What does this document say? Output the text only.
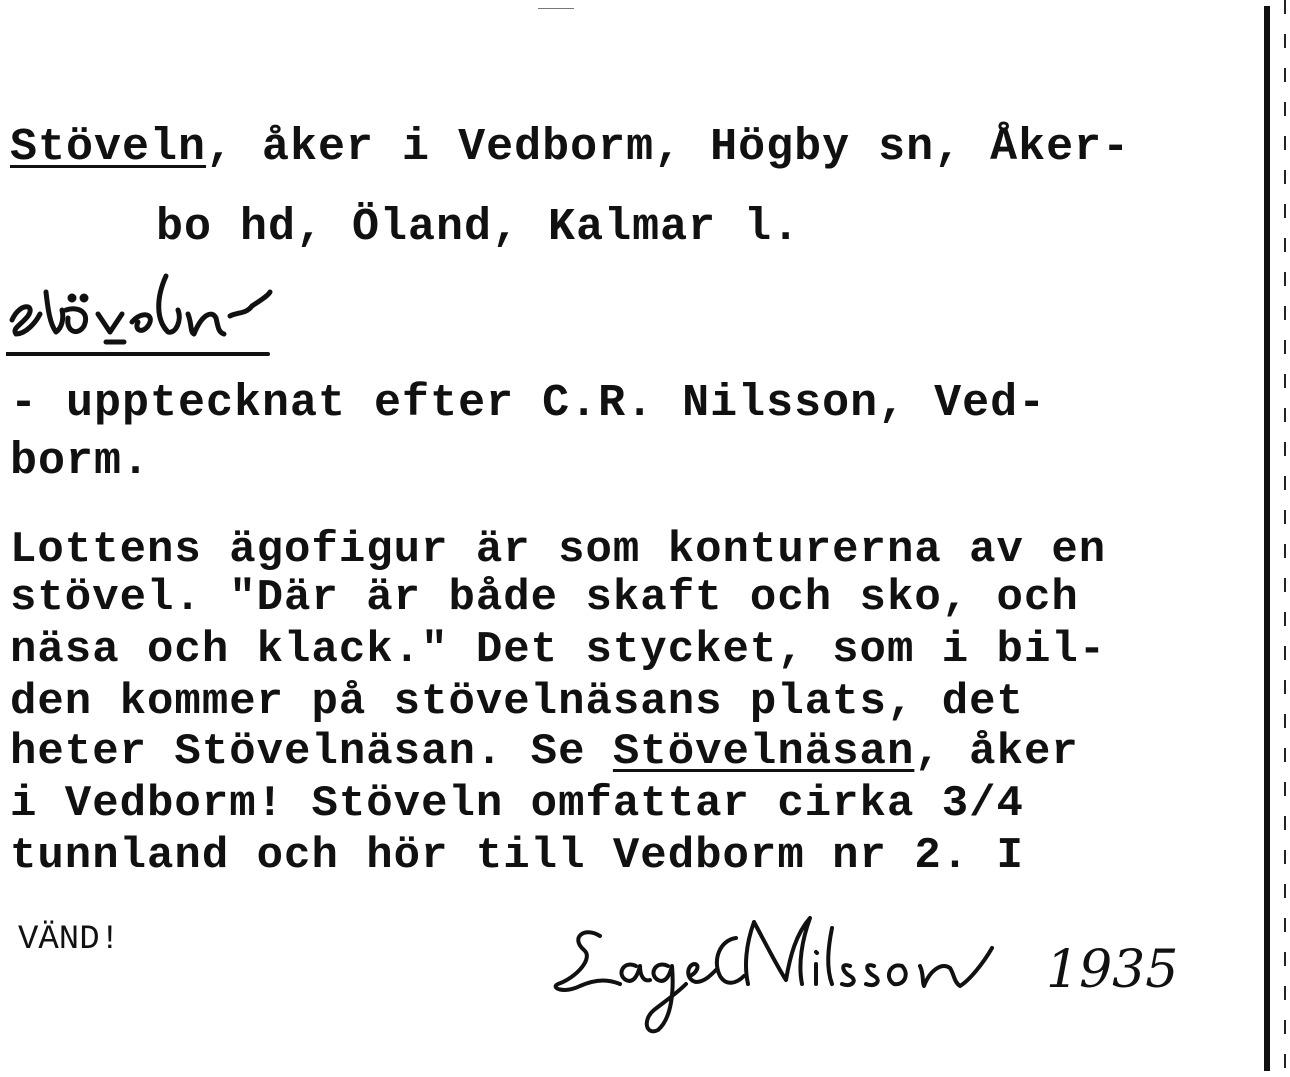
Stöveln, åker i Vedborm, Högby sn, Åker-

bo hd, Öland, Kalmar l.

- upptecknat efter C.R. Nilsson, Ved-

borm.

Lottens ägofigur är som konturerna av en

stövel. "Där är både skaft och sko, och

näsa och klack." Det stycket, som i bil-

den kommer på stövelnäsans plats, det

heter Stövelnäsan. Se Stövelnäsan, åker

i Vedborm! Stöveln omfattar cirka 3/4

tunnland och hör till Vedborm nr 2. I

VÄND!	1935
